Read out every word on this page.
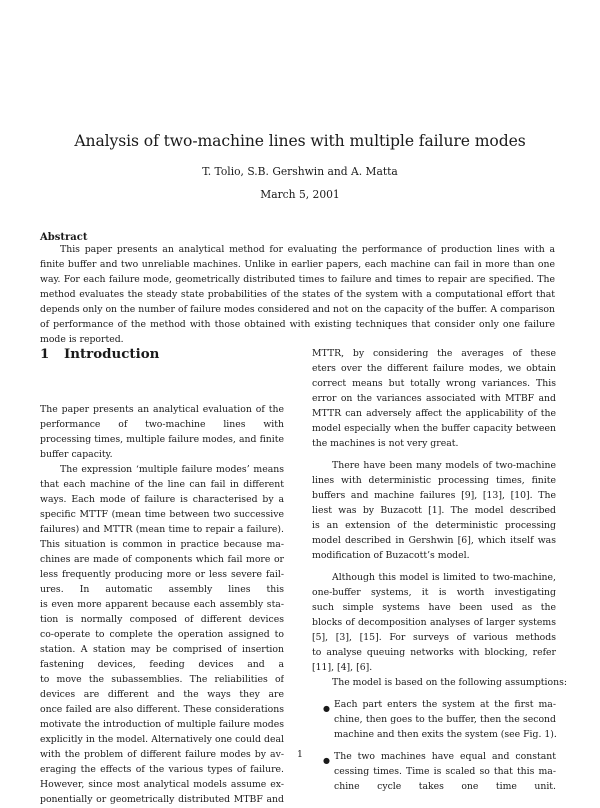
Analysis of two-machine lines with multiple failure modes
T. Tolio, S.B. Gershwin and A. Matta
March 5, 2001
Abstract
This paper presents an analytical method for evaluating the performance of production lines with a
finite buffer and two unreliable machines. Unlike in earlier papers, each machine can fail in more than one
way. For each failure mode, geometrically distributed times to failure and times to repair are specified. The
method evaluates the steady state probabilities of the states of the system with a computational effort that
depends only on the number of failure modes considered and not on the capacity of the buffer. A comparison
of performance of the method with those obtained with existing techniques that consider only one failure
mode is reported.
1 Introduction
The paper presents an analytical evaluation of the
performance of two-machine lines with
processing times, multiple failure modes, and finite
buffer capacity.
The expression ‘multiple failure modes’ means
that each machine of the line can fail in different
ways. Each mode of failure is characterised by a
specific MTTF (mean time between two successive
failures) and MTTR (mean time to repair a failure).
This situation is common in practice because ma-
chines are made of components which fail more or
less frequently producing more or less severe fail-
ures. In automatic assembly lines this
is even more apparent because each assembly sta-
tion is normally composed of different devices
co-operate to complete the operation assigned to
station. A station may be comprised of insertion
fastening devices, feeding devices and a
to move the subassemblies. The reliabilities of
devices are different and the ways they are
once failed are also different. These considerations
motivate the introduction of multiple failure modes
explicitly in the model. Alternatively one could deal
with the problem of different failure modes by av-
eraging the effects of the various types of failure.
However, since most analytical models assume ex-
ponentially or geometrically distributed MTBF and
MTTR, by considering the averages of these
eters over the different failure modes, we obtain
correct means but totally wrong variances. This
error on the variances associated with MTBF and
MTTR can adversely affect the applicability of the
model especially when the buffer capacity between
the machines is not very great.
There have been many models of two-machine
lines with deterministic processing times, finite
buffers and machine failures [9], [13], [10]. The
liest was by Buzacott [1]. The model described
is an extension of the deterministic processing
model described in Gershwin [6], which itself was
modification of Buzacott’s model.
Although this model is limited to two-machine,
one-buffer systems, it is worth investigating
such simple systems have been used as the
blocks of decomposition analyses of larger systems
[5], [3], [15]. For surveys of various methods
to analyse queuing networks with blocking, refer
[11], [4], [6].
The model is based on the following assumptions:
● Each part enters the system at the first ma-
chine, then goes to the buffer, then the second
machine and then exits the system (see Fig. 1).
● The two machines have equal and constant
cessing times. Time is scaled so that this ma-
chine cycle takes one time unit.
1
